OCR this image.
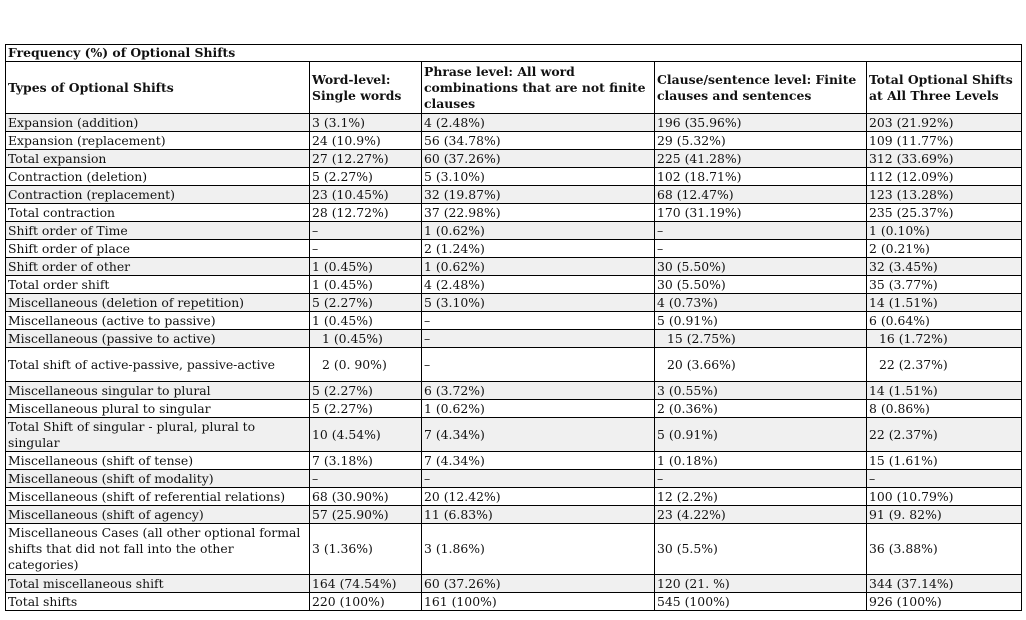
Frequency (%) of Optional Shifts				
Types of Optional Shifts	Word-level: Single words	Phrase level: All word combinations that are not finite clauses	Clause/sentence level: Finite clauses and sentences	Total Optional Shifts at All Three Levels
Expansion (addition)	3 (3.1%)	4 (2.48%)	196 (35.96%)	203 (21.92%)
Expansion (replacement)	24 (10.9%)	56 (34.78%)	29 (5.32%)	109 (11.77%)
Total expansion	27 (12.27%)	60 (37.26%)	225 (41.28%)	312 (33.69%)
Contraction (deletion)	5 (2.27%)	5 (3.10%)	102 (18.71%)	112 (12.09%)
Contraction (replacement)	23 (10.45%)	32 (19.87%)	68 (12.47%)	123 (13.28%)
Total contraction	28 (12.72%)	37 (22.98%)	170 (31.19%)	235 (25.37%)
Shift order of Time	–	1 (0.62%)	–	1 (0.10%)
Shift order of place	–	2 (1.24%)	–	2 (0.21%)
Shift order of other	1 (0.45%)	1 (0.62%)	30 (5.50%)	32 (3.45%)
Total order shift	1 (0.45%)	4 (2.48%)	30 (5.50%)	35 (3.77%)
Miscellaneous (deletion of repetition)	5 (2.27%)	5 (3.10%)	4 (0.73%)	14 (1.51%)
Miscellaneous (active to passive)	1 (0.45%)	–	5 (0.91%)	6 (0.64%)
Miscellaneous (passive to active)	1 (0.45%)	–	15 (2.75%)	16 (1.72%)
Total shift of active-passive, passive-active	2 (0. 90%)	–	20 (3.66%)	22 (2.37%)
Miscellaneous singular to plural	5 (2.27%)	6 (3.72%)	3 (0.55%)	14 (1.51%)
Miscellaneous plural to singular	5 (2.27%)	1 (0.62%)	2 (0.36%)	8 (0.86%)
Total Shift of singular - plural, plural to singular	10 (4.54%)	7 (4.34%)	5 (0.91%)	22 (2.37%)
Miscellaneous (shift of tense)	7 (3.18%)	7 (4.34%)	1 (0.18%)	15 (1.61%)
Miscellaneous (shift of modality)	–	–	–	–
Miscellaneous (shift of referential relations)	68 (30.90%)	20 (12.42%)	12 (2.2%)	100 (10.79%)
Miscellaneous (shift of agency)	57 (25.90%)	11 (6.83%)	23 (4.22%)	91 (9. 82%)
Miscellaneous Cases (all other optional formal shifts that did not fall into the other categories)	3 (1.36%)	3 (1.86%)	30 (5.5%)	36 (3.88%)
Total miscellaneous shift	164 (74.54%)	60 (37.26%)	120 (21. %)	344 (37.14%)
Total shifts	220 (100%)	161 (100%)	545 (100%)	926 (100%)
